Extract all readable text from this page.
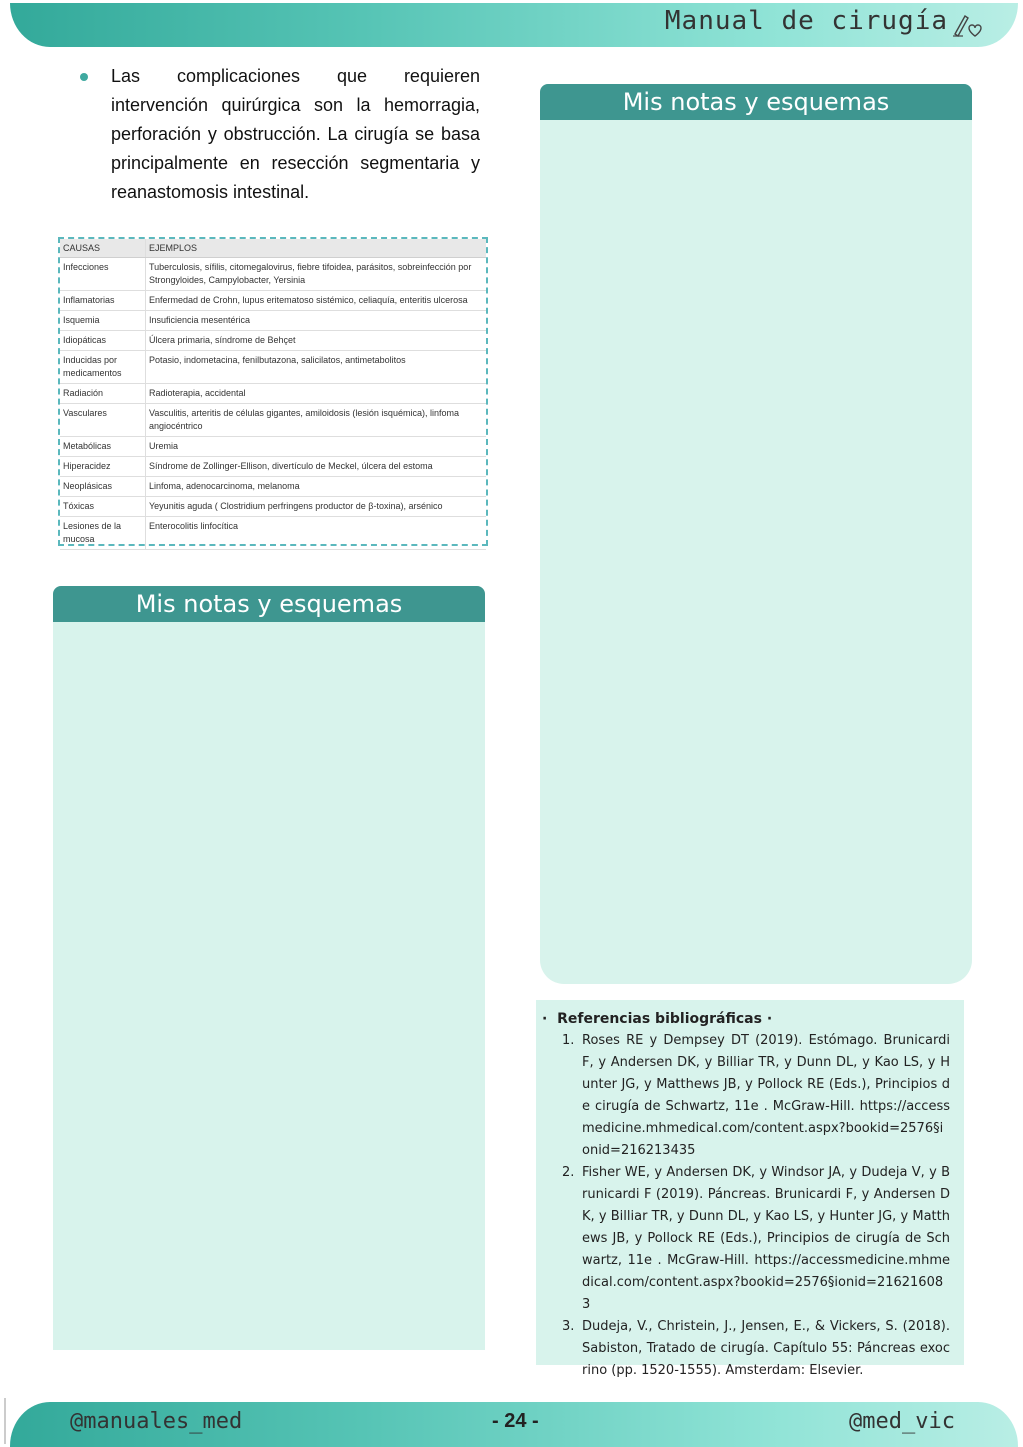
Manual de cirugía

Las complicaciones que requieren intervención quirúrgica son la hemorragia, perforación y obstrucción. La cirugía se basa principalmente en resección segmentaria y reanastomosis intestinal.

CAUSAS	EJEMPLOS
Infecciones	Tuberculosis, sífilis, citomegalovirus, fiebre tifoidea, parásitos, sobreinfección por Strongyloides, Campylobacter, Yersinia
Inflamatorias	Enfermedad de Crohn, lupus eritematoso sistémico, celiaquía, enteritis ulcerosa
Isquemia	Insuficiencia mesentérica
Idiopáticas	Úlcera primaria, síndrome de Behçet
Inducidas por medicamentos	Potasio, indometacina, fenilbutazona, salicilatos, antimetabolitos
Radiación	Radioterapia, accidental
Vasculares	Vasculitis, arteritis de células gigantes, amiloidosis (lesión isquémica), linfoma angiocéntrico
Metabólicas	Uremia
Hiperacidez	Síndrome de Zollinger-Ellison, divertículo de Meckel, úlcera del estoma
Neoplásicas	Linfoma, adenocarcinoma, melanoma
Tóxicas	Yeyunitis aguda ( Clostridium perfringens productor de β-toxina), arsénico
Lesiones de la mucosa	Enterocolitis linfocítica
Mis notas y esquemas
Mis notas y esquemas
·  Referencias bibliográficas ·
1. Roses RE y Dempsey DT (2019). Estómago. Brunicardi F, y Andersen DK, y Billiar TR, y Dunn DL, y Kao LS, y Hunter JG, y Matthews JB, y Pollock RE (Eds.), Principios de cirugía de Schwartz, 11e . McGraw-Hill. https://accessmedicine.mhmedical.com/content.aspx?bookid=2576§ionid=216213435
2. Fisher WE, y Andersen DK, y Windsor JA, y Dudeja V, y Brunicardi F (2019). Páncreas. Brunicardi F, y Andersen DK, y Billiar TR, y Dunn DL, y Kao LS, y Hunter JG, y Matthews JB, y Pollock RE (Eds.), Principios de cirugía de Schwartz, 11e . McGraw-Hill. https://accessmedicine.mhmedical.com/content.aspx?bookid=2576§ionid=216216083
3. Dudeja, V., Christein, J., Jensen, E., & Vickers, S. (2018). Sabiston, Tratado de cirugía. Capítulo 55: Páncreas exocrino (pp. 1520-1555). Amsterdam: Elsevier.
@manuales_med	- 24 -	@med_vic
